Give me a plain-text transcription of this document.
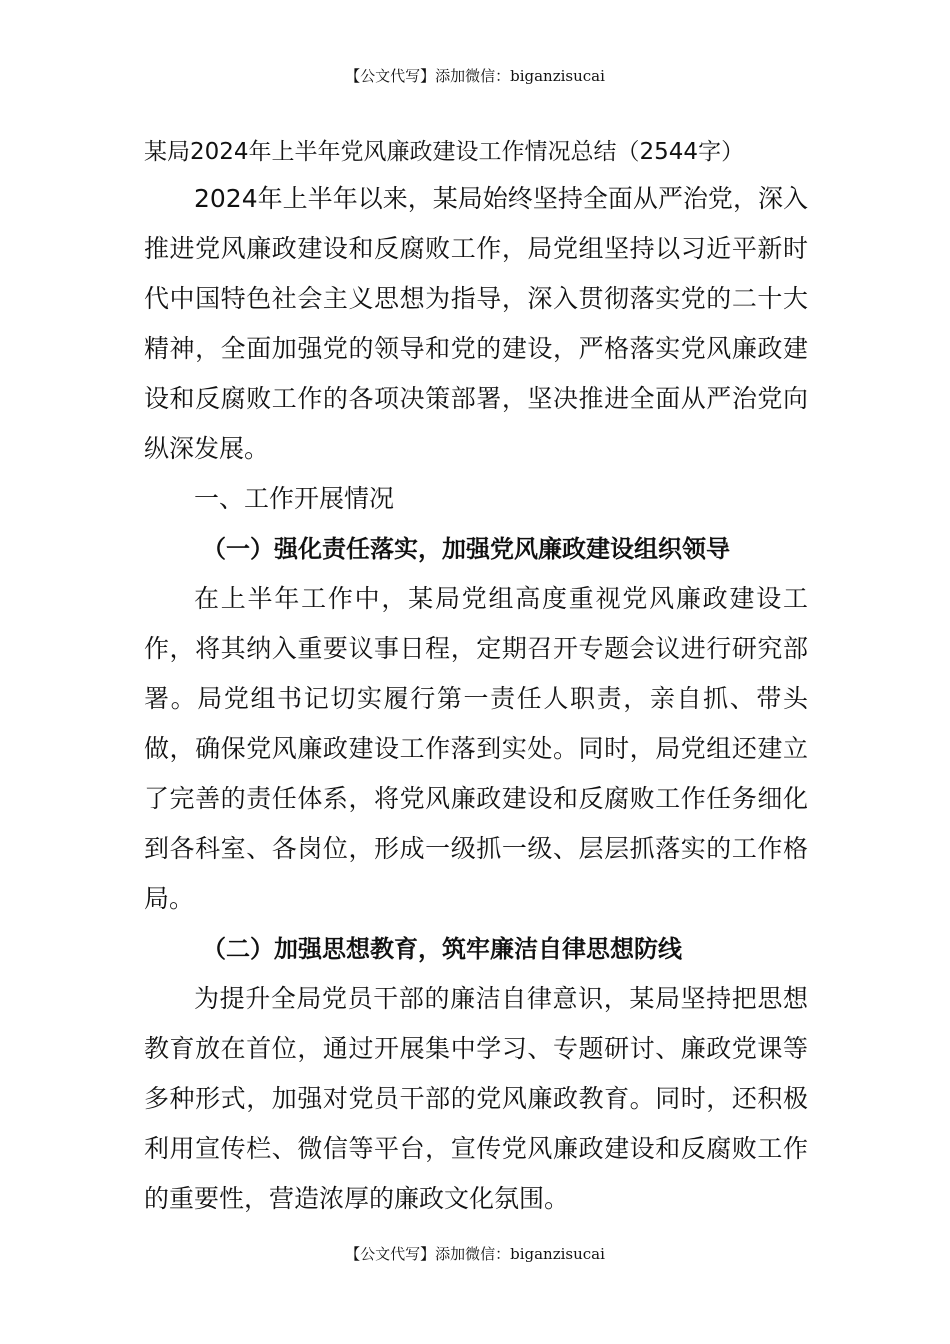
【公文代写】添加微信：biganzisucai
某局2024年上半年党风廉政建设工作情况总结（2544字）

2024年上半年以来，某局始终坚持全面从严治党，深入推进党风廉政建设和反腐败工作，局党组坚持以习近平新时代中国特色社会主义思想为指导，深入贯彻落实党的二十大精神，全面加强党的领导和党的建设，严格落实党风廉政建设和反腐败工作的各项决策部署，坚决推进全面从严治党向纵深发展。

一、工作开展情况
（一）强化责任落实，加强党风廉政建设组织领导

在上半年工作中，某局党组高度重视党风廉政建设工作，将其纳入重要议事日程，定期召开专题会议进行研究部署。局党组书记切实履行第一责任人职责，亲自抓、带头做，确保党风廉政建设工作落到实处。同时，局党组还建立了完善的责任体系，将党风廉政建设和反腐败工作任务细化到各科室、各岗位，形成一级抓一级、层层抓落实的工作格局。

（二）加强思想教育，筑牢廉洁自律思想防线

为提升全局党员干部的廉洁自律意识，某局坚持把思想教育放在首位，通过开展集中学习、专题研讨、廉政党课等多种形式，加强对党员干部的党风廉政教育。同时，还积极利用宣传栏、微信等平台，宣传党风廉政建设和反腐败工作的重要性，营造浓厚的廉政文化氛围。

【公文代写】添加微信：biganzisucai
